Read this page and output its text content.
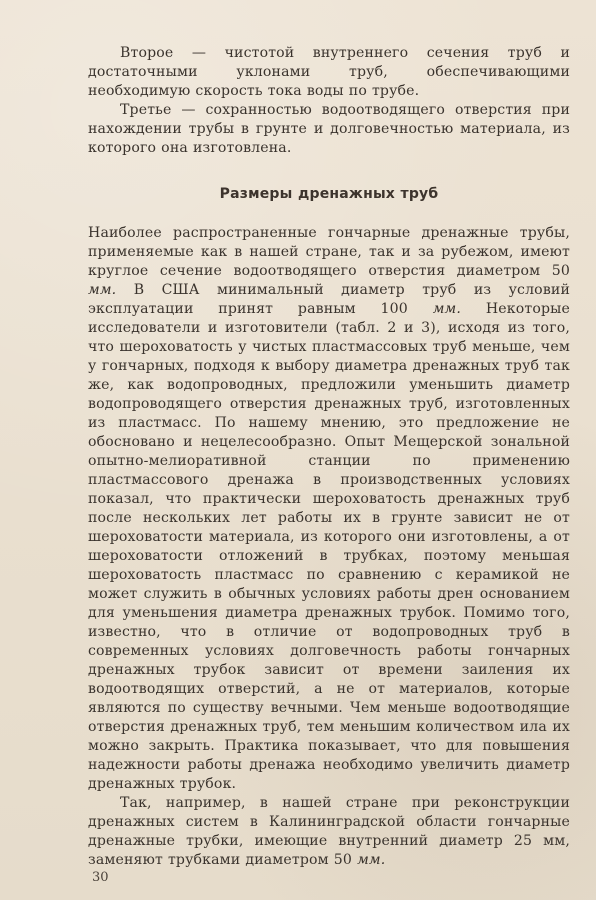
Второе — чистотой внутреннего сечения труб и достаточными уклонами труб, обеспечивающими необходимую скорость тока воды по трубе.

Третье — сохранностью водоотводящего отверстия при нахождении трубы в грунте и долговечностью материала, из которого она изготовлена.

Размеры дренажных труб

Наиболее распространенные гончарные дренажные трубы, применяемые как в нашей стране, так и за рубежом, имеют круглое сечение водоотводящего отверстия диаметром 50 мм. В США минимальный диаметр труб из условий эксплуатации принят равным 100 мм. Некоторые исследователи и изготовители (табл. 2 и 3), исходя из того, что шероховатость у чистых пластмассовых труб меньше, чем у гончарных, подходя к выбору диаметра дренажных труб так же, как водопроводных, предложили уменьшить диаметр водопроводящего отверстия дренажных труб, изготовленных из пластмасс. По нашему мнению, это предложение не обосновано и нецелесообразно. Опыт Мещерской зональной опытно-мелиоративной станции по применению пластмассового дренажа в производственных условиях показал, что практически шероховатость дренажных труб после нескольких лет работы их в грунте зависит не от шероховатости материала, из которого они изготовлены, а от шероховатости отложений в трубках, поэтому меньшая шероховатость пластмасс по сравнению с керамикой не может служить в обычных условиях работы дрен основанием для уменьшения диаметра дренажных трубок. Помимо того, известно, что в отличие от водопроводных труб в современных условиях долговечность работы гончарных дренажных трубок зависит от времени заиления их водоотводящих отверстий, а не от материалов, которые являются по существу вечными. Чем меньше водоотводящие отверстия дренажных труб, тем меньшим количеством ила их можно закрыть. Практика показывает, что для повышения надежности работы дренажа необходимо увеличить диаметр дренажных трубок.

Так, например, в нашей стране при реконструкции дренажных систем в Калининградской области гончарные дренажные трубки, имеющие внутренний диаметр 25 мм, заменяют трубками диаметром 50 мм.

30
